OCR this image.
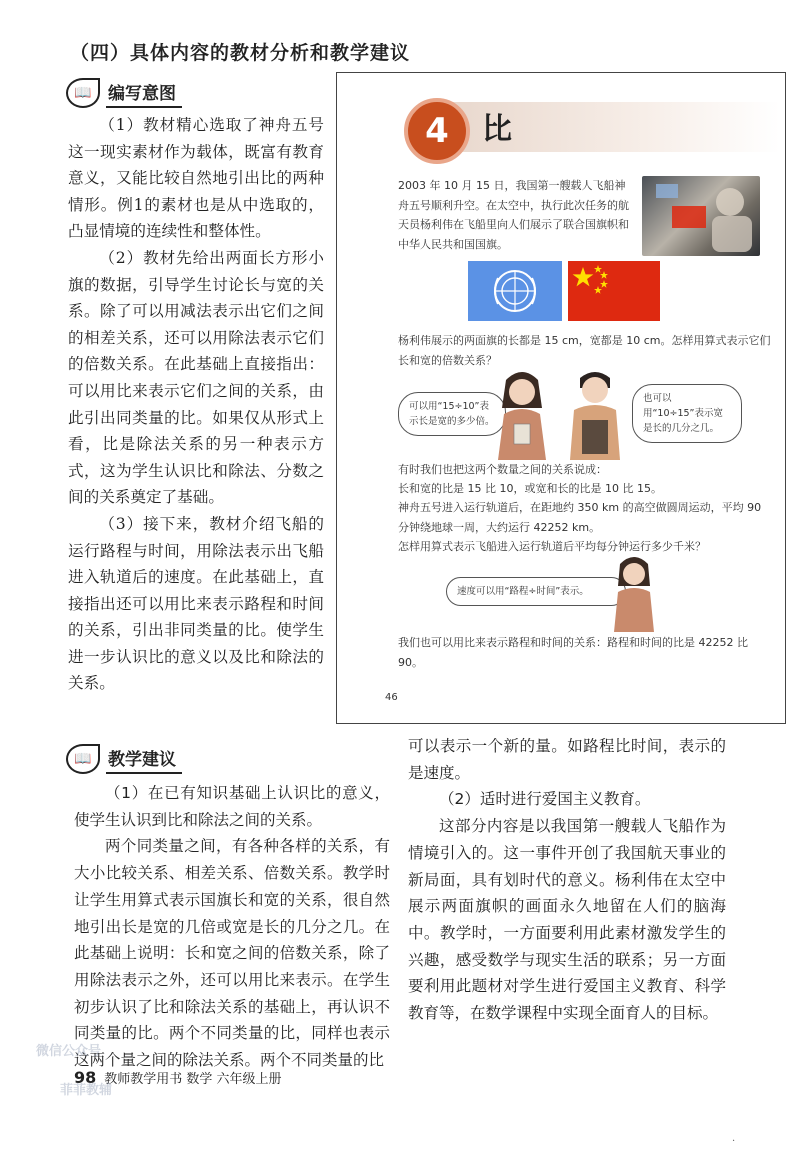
（四）具体内容的教材分析和教学建议
📖 编写意图

（1）教材精心选取了神舟五号这一现实素材作为载体，既富有教育意义，又能比较自然地引出比的两种情形。例1的素材也是从中选取的，凸显情境的连续性和整体性。

（2）教材先给出两面长方形小旗的数据，引导学生讨论长与宽的关系。除了可以用减法表示出它们之间的相差关系，还可以用除法表示它们的倍数关系。在此基础上直接指出：可以用比来表示它们之间的关系，由此引出同类量的比。如果仅从形式上看，比是除法关系的另一种表示方式，这为学生认识比和除法、分数之间的关系奠定了基础。

（3）接下来，教材介绍飞船的运行路程与时间，用除法表示出飞船进入轨道后的速度。在此基础上，直接指出还可以用比来表示路程和时间的关系，引出非同类量的比。使学生进一步认识比的意义以及比和除法的关系。

4	比
2003 年 10 月 15 日，我国第一艘载人飞船神舟五号顺利升空。在太空中，执行此次任务的航天员杨利伟在飞船里向人们展示了联合国旗帜和中华人民共和国国旗。
杨利伟展示的两面旗的长都是 15 cm，宽都是 10 cm。怎样用算式表示它们长和宽的倍数关系？
可以用“15÷10”表示长是宽的多少倍。
也可以用“10÷15”表示宽是长的几分之几。
有时我们也把这两个数量之间的关系说成：
长和宽的比是 15 比 10，或宽和长的比是 10 比 15。
神舟五号进入运行轨道后，在距地约 350 km 的高空做圆周运动，平均 90 分钟绕地球一周，大约运行 42252 km。
怎样用算式表示飞船进入运行轨道后平均每分钟运行多少千米？
速度可以用“路程÷时间”表示。
我们也可以用比来表示路程和时间的关系：路程和时间的比是 42252 比 90。
46
📖 教学建议

（1）在已有知识基础上认识比的意义，使学生认识到比和除法之间的关系。

两个同类量之间，有各种各样的关系，有大小比较关系、相差关系、倍数关系。教学时让学生用算式表示国旗长和宽的关系，很自然地引出长是宽的几倍或宽是长的几分之几。在此基础上说明：长和宽之间的倍数关系，除了用除法表示之外，还可以用比来表示。在学生初步认识了比和除法关系的基础上，再认识不同类量的比。两个不同类量的比，同样也表示这两个量之间的除法关系。两个不同类量的比

可以表示一个新的量。如路程比时间，表示的是速度。

（2）适时进行爱国主义教育。

这部分内容是以我国第一艘载人飞船作为情境引入的。这一事件开创了我国航天事业的新局面，具有划时代的意义。杨利伟在太空中展示两面旗帜的画面永久地留在人们的脑海中。教学时，一方面要利用此素材激发学生的兴趣，感受数学与现实生活的联系；另一方面要利用此题材对学生进行爱国主义教育、科学教育等，在数学课程中实现全面育人的目标。

98 教师教学用书 数学 六年级上册
微信公众号
菲菲教辅
·
